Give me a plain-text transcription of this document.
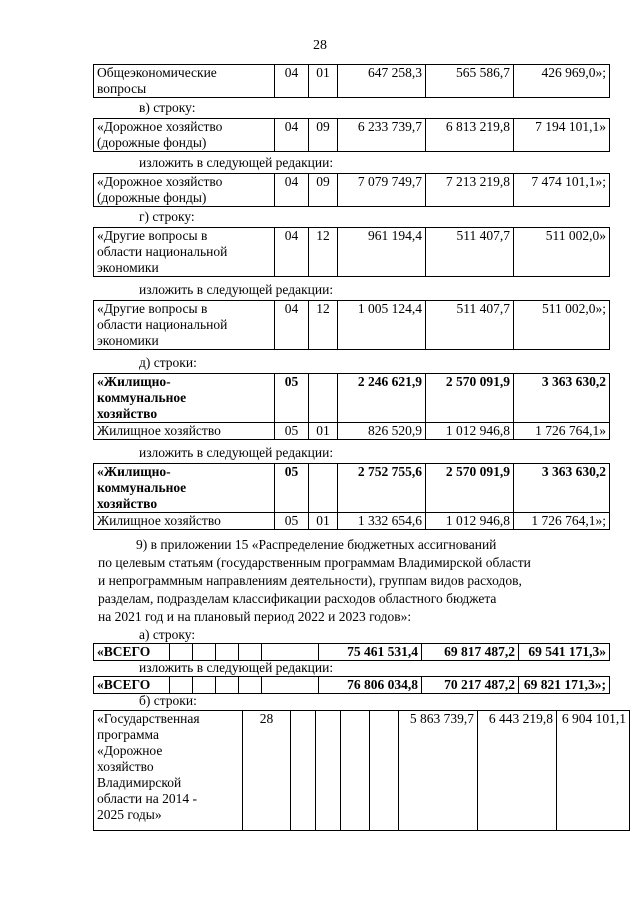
28
Общеэкономические
вопросы	04	01	647 258,3	565 586,7	426 969,0»;
в) строку:
«Дорожное хозяйство
(дорожные фонды)	04	09	6 233 739,7	6 813 219,8	7 194 101,1»
изложить в следующей редакции:
«Дорожное хозяйство
(дорожные фонды)	04	09	7 079 749,7	7 213 219,8	7 474 101,1»;
г) строку:
«Другие вопросы в
области национальной
экономики	04	12	961 194,4	511 407,7	511 002,0»
изложить в следующей редакции:
«Другие вопросы в
области национальной
экономики	04	12	1 005 124,4	511 407,7	511 002,0»;
д) строки:
«Жилищно-
коммунальное
хозяйство	05		2 246 621,9	2 570 091,9	3 363 630,2
Жилищное хозяйство	05	01	826 520,9	1 012 946,8	1 726 764,1»
изложить в следующей редакции:
«Жилищно-
коммунальное
хозяйство	05		2 752 755,6	2 570 091,9	3 363 630,2
Жилищное хозяйство	05	01	1 332 654,6	1 012 946,8	1 726 764,1»;
9) в приложении 15 «Распределение бюджетных ассигнований
по целевым статьям (государственным программам Владимирской области
и непрограммным направлениям деятельности), группам видов расходов,
разделам, подразделам классификации расходов областного бюджета
на 2021 год и на плановый период 2022 и 2023 годов»:
а) строку:
«ВСЕГО						75 461 531,4	69 817 487,2	69 541 171,3»
изложить в следующей редакции:
«ВСЕГО						76 806 034,8	70 217 487,2	69 821 171,3»;
б) строки:
«Государственная
программа
«Дорожное
хозяйство
Владимирской
области на 2014 -
2025 годы»	28					5 863 739,7	6 443 219,8	6 904 101,1
